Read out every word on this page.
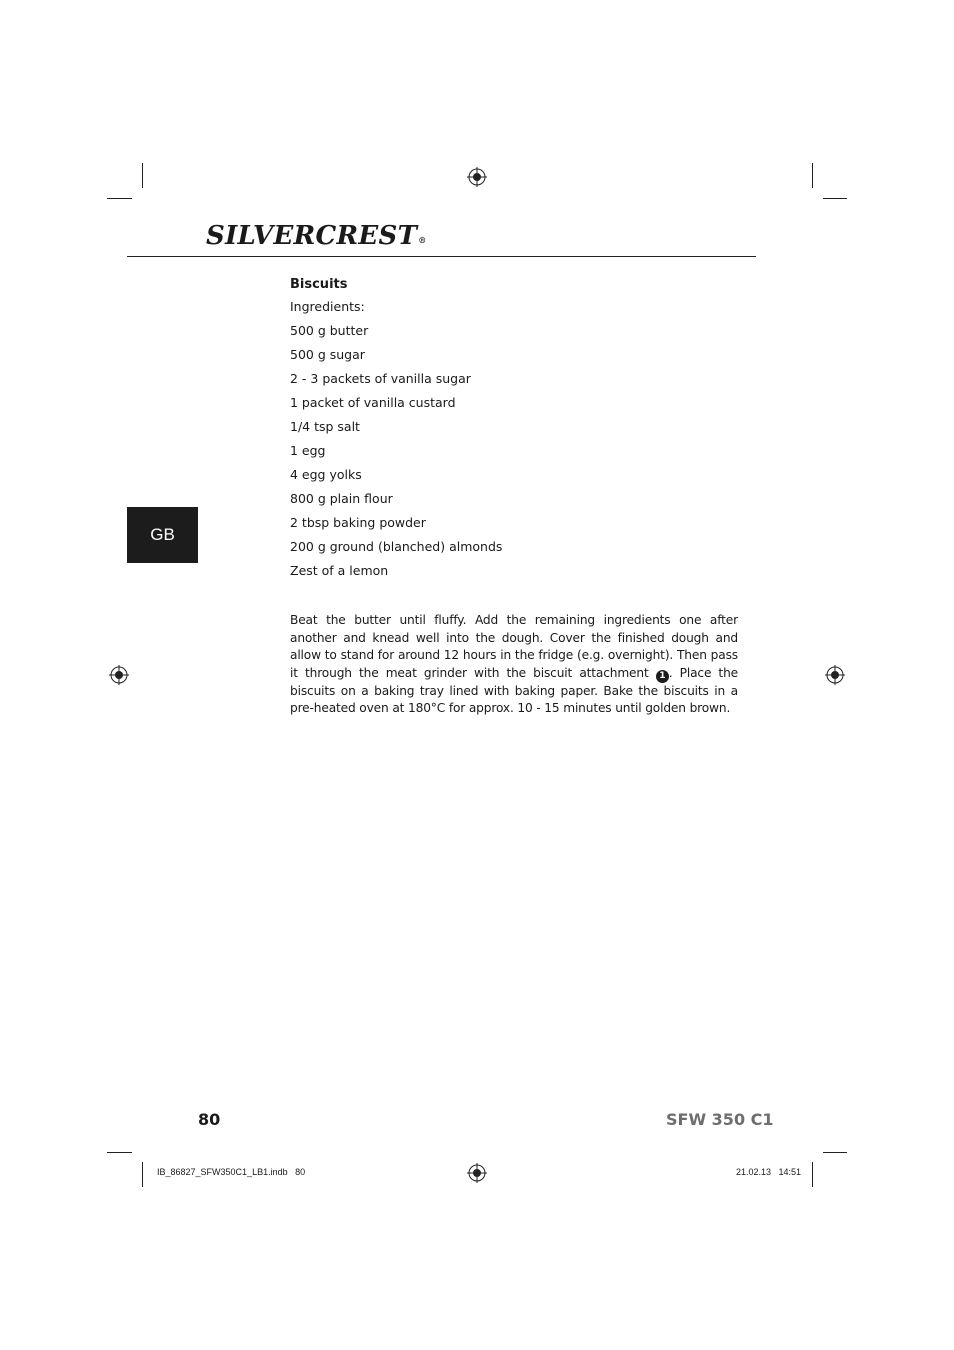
SILVERCREST®
GB
Biscuits
Ingredients:
500 g butter
500 g sugar
2 - 3 packets of vanilla sugar
1 packet of vanilla custard
1/4 tsp salt
1 egg
4 egg yolks
800 g plain flour
2 tbsp baking powder
200 g ground (blanched) almonds
Zest of a lemon
Beat the butter until fluffy. Add the remaining ingredients one after another and knead well into the dough. Cover the finished dough and allow to stand for around 12 hours in the fridge (e.g. overnight). Then pass it through the meat grinder with the biscuit attachment 1 . Place the biscuits on a baking tray lined with baking paper. Bake the biscuits in a pre-heated oven at 180°C for approx. 10 - 15 minutes until golden brown.
80	SFW 350 C1
IB_86827_SFW350C1_LB1.indb   80	21.02.13   14:51
